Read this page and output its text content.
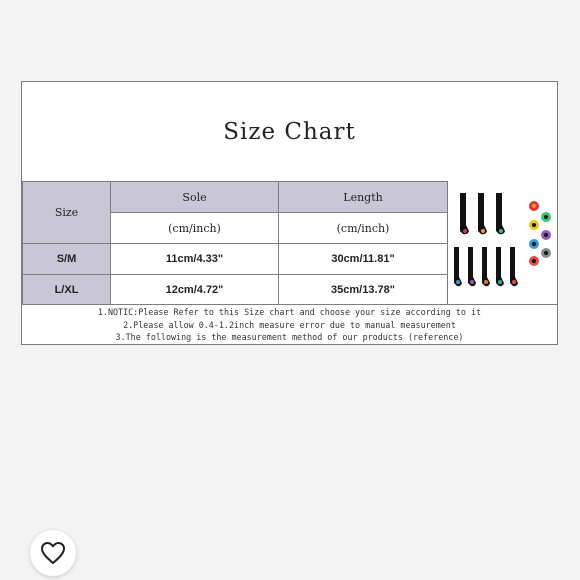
Size Chart
Size	Sole	Length
	(cm/inch)	(cm/inch)
S/M	11cm/4.33"	30cm/11.81"
L/XL	12cm/4.72"	35cm/13.78"
1.NOTIC:Please Refer to this Size chart and choose your size according to it
2.Please allow 0.4-1.2inch measure error due to manual measurement
3.The following is the measurement method of our products (reference)
